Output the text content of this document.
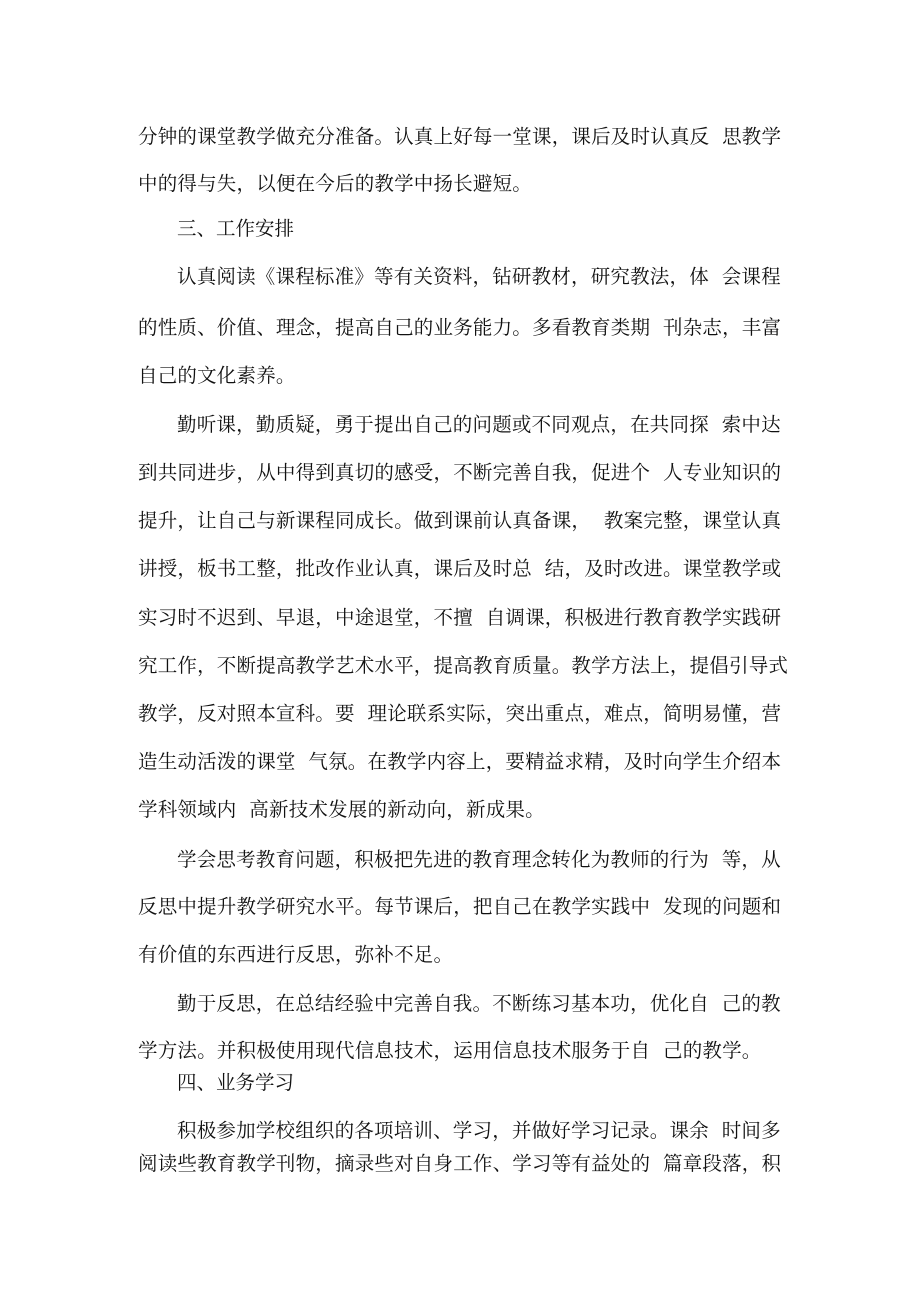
分钟的课堂教学做充分准备。认真上好每一堂课，课后及时认真反  思教学
中的得与失，以便在今后的教学中扬长避短。
三、工作安排
认真阅读《课程标准》等有关资料，钻研教材，研究教法，体  会课程
的性质、价值、理念，提高自己的业务能力。多看教育类期  刊杂志，丰富
自己的文化素养。
勤听课，勤质疑，勇于提出自己的问题或不同观点，在共同探  索中达
到共同进步，从中得到真切的感受，不断完善自我，促进个  人专业知识的
提升，让自己与新课程同成长。做到课前认真备课，  教案完整，课堂认真
讲授，板书工整，批改作业认真，课后及时总  结，及时改进。课堂教学或
实习时不迟到、早退，中途退堂，不擅  自调课，积极进行教育教学实践研
究工作，不断提高教学艺术水平，提高教育质量。教学方法上，提倡引导式
教学，反对照本宣科。要  理论联系实际，突出重点，难点，简明易懂，营
造生动活泼的课堂  气氛。在教学内容上，要精益求精，及时向学生介绍本
学科领域内  高新技术发展的新动向，新成果。
学会思考教育问题，积极把先进的教育理念转化为教师的行为  等，从
反思中提升教学研究水平。每节课后，把自己在教学实践中  发现的问题和
有价值的东西进行反思，弥补不足。
勤于反思，在总结经验中完善自我。不断练习基本功，优化自  己的教
学方法。并积极使用现代信息技术，运用信息技术服务于自  己的教学。
四、业务学习
积极参加学校组织的各项培训、学习，并做好学习记录。课余  时间多
阅读些教育教学刊物，摘录些对自身工作、学习等有益处的  篇章段落，积
